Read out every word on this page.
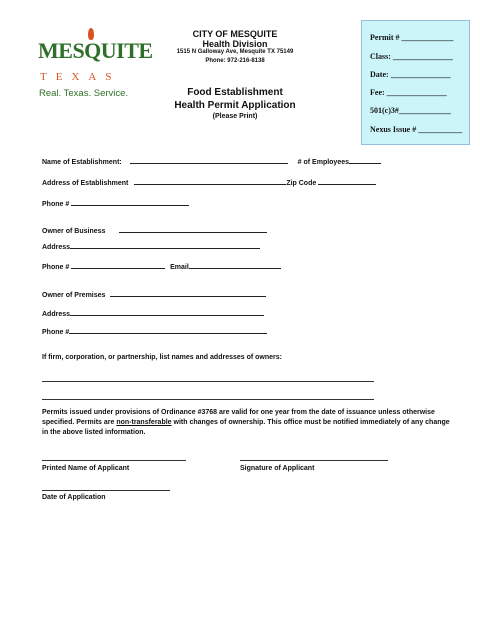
MESQUITE
TEXAS
Real. Texas. Service.
CITY OF MESQUITE
Health Division
1515 N Galloway Ave, Mesquite TX 75149
Phone: 972-216-8138
Food Establishment
Health Permit Application
(Please Print)
Permit # _____________
Class: _______________
Date: _______________
Fee: _______________
501(c)3#_____________
Nexus Issue # ___________
Name of Establishment:	# of Employees
Address of Establishment	Zip Code
Phone #
Owner of Business
Address
Phone #	Email
Owner of Premises
Address
Phone #
If firm, corporation, or partnership, list names and addresses of owners:
Permits issued under provisions of Ordinance #3768 are valid for one year from the date of issuance unless otherwise specified. Permits are non-transferable with changes of ownership. This office must be notified immediately of any change in the above listed information.
Printed Name of Applicant	Signature of Applicant
Date of Application
